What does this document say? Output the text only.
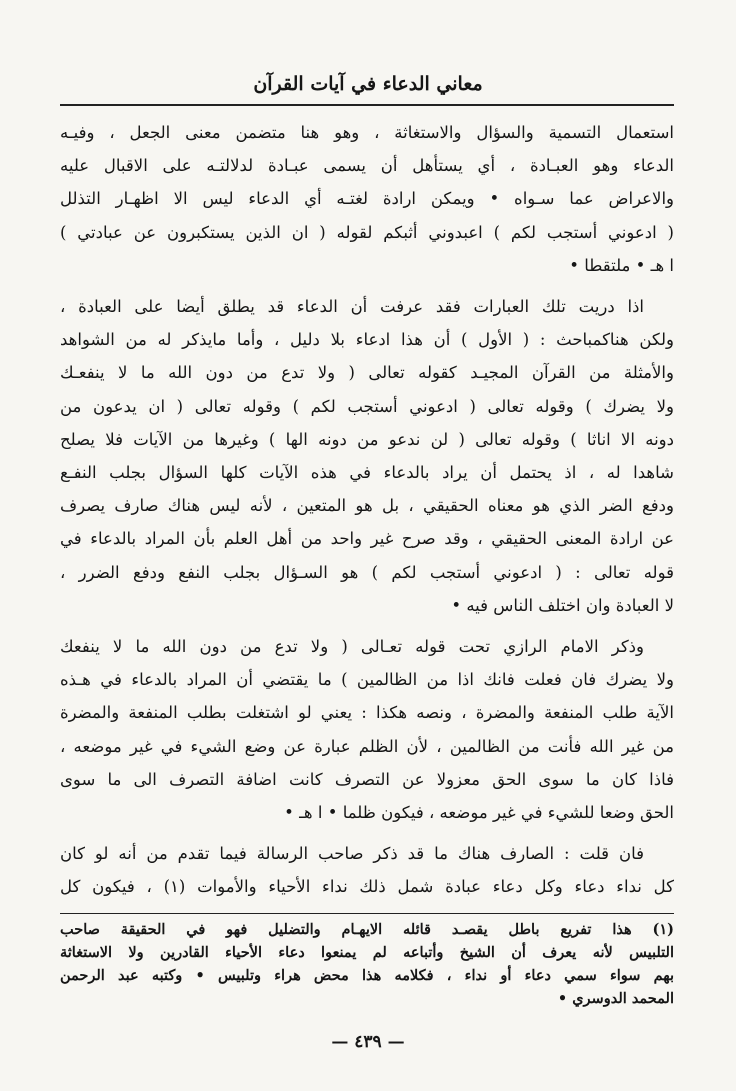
معاني الدعاء في آيات القرآن

استعمال التسمية والسؤال والاستغاثة ، وهو هنا متضمن معنى الجعل ، وفيـه
الدعاء وهو العبـادة ، أي يستأهل أن يسمى عبـادة لدلالتـه على الاقبال عليه
والاعراض عما سـواه • ويمكن ارادة لغتـه أي الدعاء ليس الا اظهـار التذلل
( ادعوني أستجب لكم ) اعبدوني أثبكم لقوله ( ان الذين يستكبرون عن عبادتي )
ا هـ • ملتقطا •

اذا دريت تلك العبارات فقد عرفت أن الدعاء قد يطلق أيضا على العبادة ،
ولكن هناكمباحث : ( الأول ) أن هذا ادعاء بلا دليل ، وأما مايذكر له من الشواهد
والأمثلة من القرآن المجيـد كقوله تعالى ( ولا تدع من دون الله ما لا ينفعـك
ولا يضرك ) وقوله تعالى ( ادعوني أستجب لكم ) وقوله تعالى ( ان يدعون من
دونه الا اناثا ) وقوله تعالى ( لن ندعو من دونه الها ) وغيرها من الآيات فلا يصلح
شاهدا له ، اذ يحتمل أن يراد بالدعاء في هذه الآيات كلها السؤال بجلب النفـع
ودفع الضر الذي هو معناه الحقيقي ، بل هو المتعين ، لأنه ليس هناك صارف يصرف
عن ارادة المعنى الحقيقي ، وقد صرح غير واحد من أهل العلم بأن المراد بالدعاء في
قوله تعالى : ( ادعوني أستجب لكم ) هو السـؤال بجلب النفع ودفع الضرر ،
لا العبادة وان اختلف الناس فيه •

وذكر الامام الرازي تحت قوله تعـالى ( ولا تدع من دون الله ما لا ينفعك
ولا يضرك فان فعلت فانك اذا من الظالمين ) ما يقتضي أن المراد بالدعاء في هـذه
الآية طلب المنفعة والمضرة ، ونصه هكذا : يعني لو اشتغلت بطلب المنفعة والمضرة
من غير الله فأنت من الظالمين ، لأن الظلم عبارة عن وضع الشيء في غير موضعه ،
فاذا كان ما سوى الحق معزولا عن التصرف كانت اضافة التصرف الى ما سوى
الحق وضعا للشيء في غير موضعه ، فيكون ظلما • ا هـ •

فان قلت : الصارف هناك ما قد ذكر صاحب الرسالة فيما تقدم من أنه لو كان
كل نداء دعاء وكل دعاء عبادة شمل ذلك نداء الأحياء والأموات (١) ، فيكون كل

(١) هذا تفريع باطل يقصـد قائله الايهـام والتضليل فهو في الحقيقة صاحب
التلبيس لأنه يعرف أن الشيخ وأتباعه لم يمنعوا دعاء الأحياء القادرين ولا الاستغاثة
بهم سواء سمي دعاء أو نداء ، فكلامه هذا محض هراء وتلبيس • وكتبه عبد الرحمن
المحمد الدوسري •
— ٤٣٩ —
